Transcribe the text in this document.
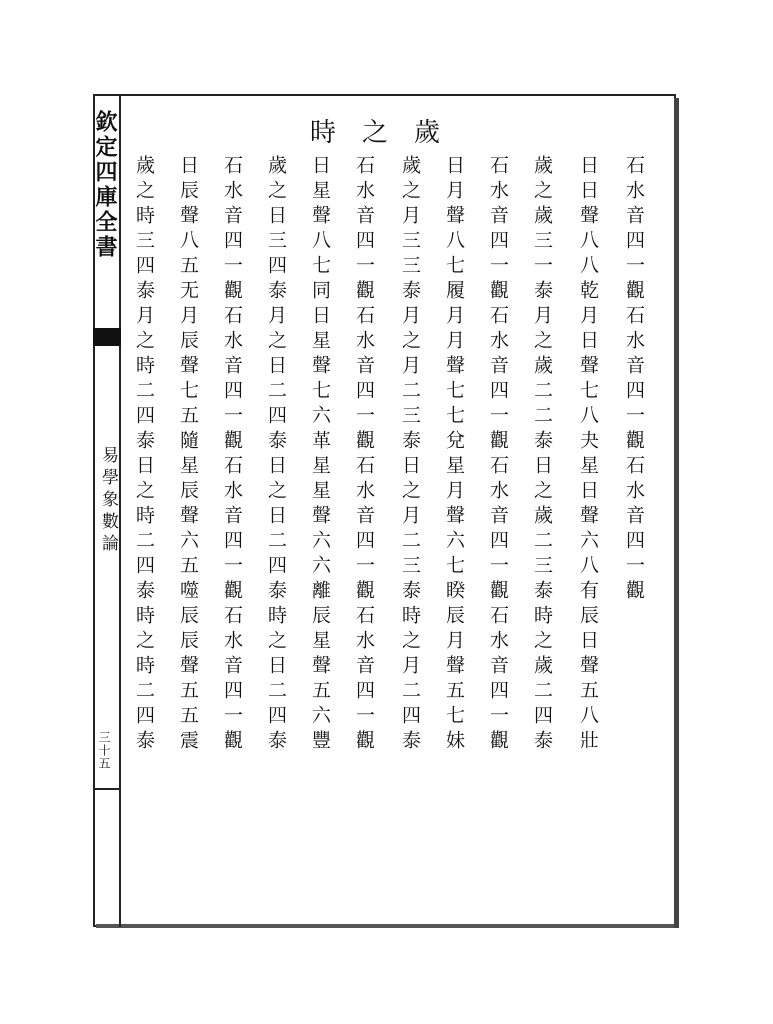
欽定四庫全書
易學象數論
三十五
時之歲
石水音四一觀石水音四一觀石水音四一觀
日日聲八八乾月日聲七八夬星日聲六八有辰日聲五八壯
歲之歲三一泰月之歲二二泰日之歲二三泰時之歲二四泰
石水音四一觀石水音四一觀石水音四一觀石水音四一觀
日月聲八七履月月聲七七兌星月聲六七睽辰月聲五七妹
歲之月三三泰月之月二三泰日之月二三泰時之月二四泰
石水音四一觀石水音四一觀石水音四一觀石水音四一觀
日星聲八七同日星聲七六革星星聲六六離辰星聲五六豐
歲之日三四泰月之日二四泰日之日二四泰時之日二四泰
石水音四一觀石水音四一觀石水音四一觀石水音四一觀
日辰聲八五无月辰聲七五隨星辰聲六五噬辰辰聲五五震
歲之時三四泰月之時二四泰日之時二四泰時之時二四泰
